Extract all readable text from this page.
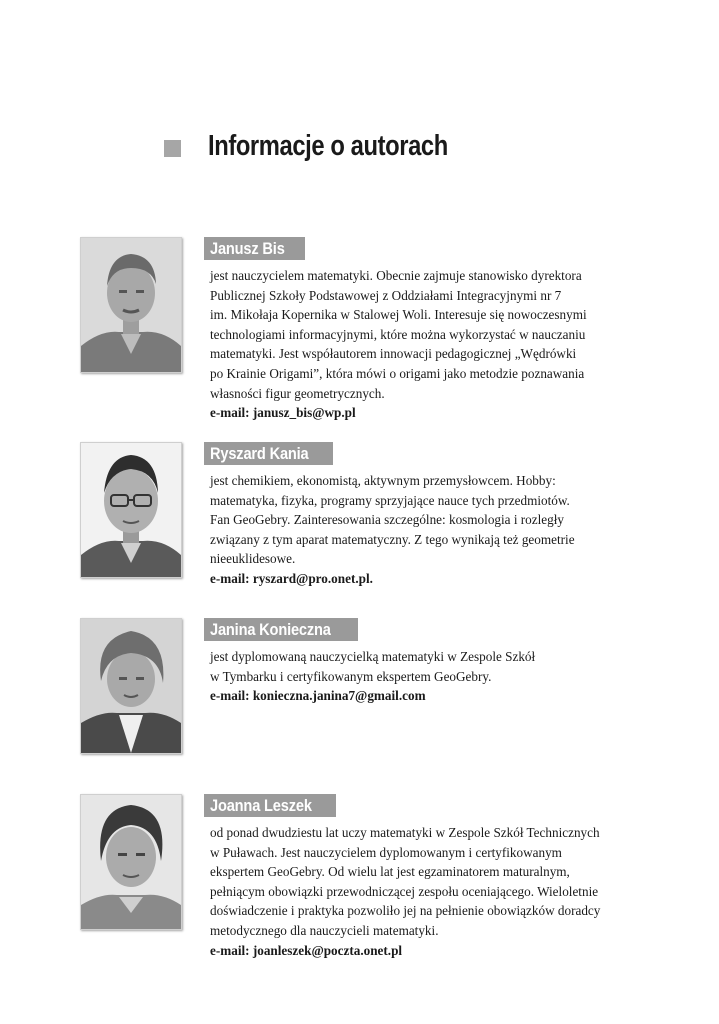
Informacje o autorach
Janusz Bis
jest nauczycielem matematyki. Obecnie zajmuje stanowisko dyrektora
Publicznej Szkoły Podstawowej z Oddziałami Integracyjnymi nr 7
im. Mikołaja Kopernika w Stalowej Woli. Interesuje się nowoczesnymi
technologiami informacyjnymi, które można wykorzystać w nauczaniu
matematyki. Jest współautorem innowacji pedagogicznej „Wędrówki
po Krainie Origami”, która mówi o origami jako metodzie poznawania
własności figur geometrycznych.
e-mail: janusz_bis@wp.pl
Ryszard Kania
jest chemikiem, ekonomistą, aktywnym przemysłowcem. Hobby:
matematyka, fizyka, programy sprzyjające nauce tych przedmiotów.
Fan GeoGebry. Zainteresowania szczególne: kosmologia i rozległy
związany z tym aparat matematyczny. Z tego wynikają też geometrie
nieeuklidesowe.
e-mail: ryszard@pro.onet.pl.
Janina Konieczna
jest dyplomowaną nauczycielką matematyki w Zespole Szkół
w Tymbarku i certyfikowanym ekspertem GeoGebry.
e-mail: konieczna.janina7@gmail.com
Joanna Leszek
od ponad dwudziestu lat uczy matematyki w Zespole Szkół Technicznych
w Puławach. Jest nauczycielem dyplomowanym i certyfikowanym
ekspertem GeoGebry. Od wielu lat jest egzaminatorem maturalnym,
pełniącym obowiązki przewodniczącej zespołu oceniającego. Wieloletnie
doświadczenie i praktyka pozwoliło jej na pełnienie obowiązków doradcy
metodycznego dla nauczycieli matematyki.
e-mail: joanleszek@poczta.onet.pl
